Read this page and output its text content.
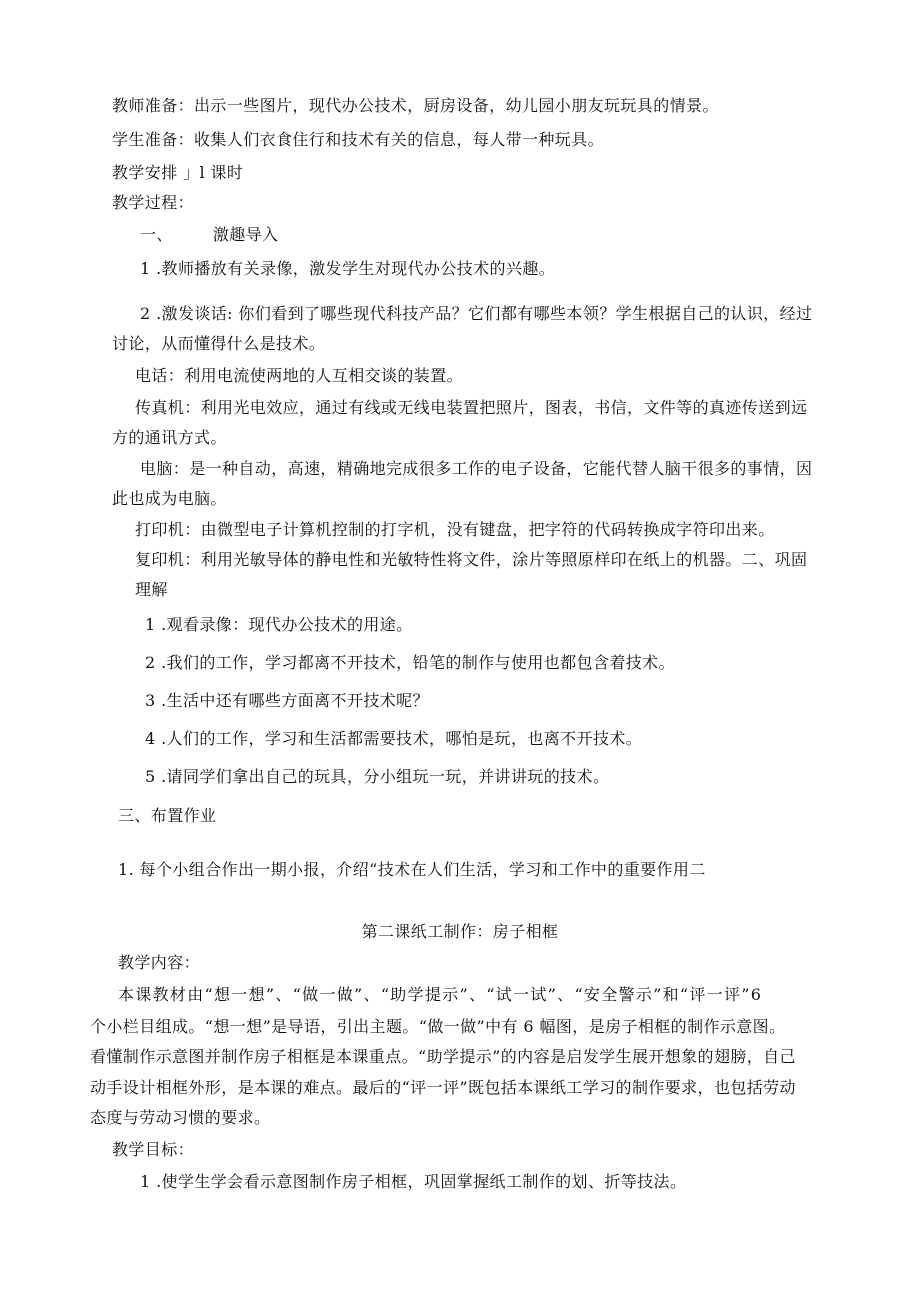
教师准备：出示一些图片，现代办公技术，厨房设备，幼儿园小朋友玩玩具的情景。
学生准备：收集人们衣食住行和技术有关的信息，每人带一种玩具。
教学安排 」l 课时
教学过程：
一、	激趣导入
1 .教师播放有关录像，激发学生对现代办公技术的兴趣。
2 .激发谈话: 你们看到了哪些现代科技产品？它们都有哪些本领？学生根据自己的认识，经过
讨论，从而懂得什么是技术。
电话：利用电流使两地的人互相交谈的装置。
传真机：利用光电效应，通过有线或无线电装置把照片，图表，书信，文件等的真迹传送到远
方的通讯方式。
电脑：是一种自动，高速，精确地完成很多工作的电子设备，它能代替人脑干很多的事情，因
此也成为电脑。
打印机：由微型电子计算机控制的打字机，没有键盘，把字符的代码转换成字符印出来。
复印机：利用光敏导体的静电性和光敏特性将文件，涂片等照原样印在纸上的机器。二、巩固
理解
1 .观看录像：现代办公技术的用途。
2 .我们的工作，学习都离不开技术，铅笔的制作与使用也都包含着技术。
3 .生活中还有哪些方面离不开技术呢？
4 .人们的工作，学习和生活都需要技术，哪怕是玩，也离不开技术。
5 .请同学们拿出自己的玩具，分小组玩一玩，并讲讲玩的技术。
三、布置作业
1. 每个小组合作出一期小报，介绍“技术在人们生活，学习和工作中的重要作用二
第二课纸工制作：房子相框
教学内容：
本课教材由“想一想”、“做一做”、“助学提示”、“试一试”、“安全警示”和“评一评”6
个小栏目组成。“想一想”是导语，引出主题。“做一做”中有 6 幅图，是房子相框的制作示意图。
看懂制作示意图并制作房子相框是本课重点。“助学提示”的内容是启发学生展开想象的翅膀，自己
动手设计相框外形，是本课的难点。最后的“评一评”既包括本课纸工学习的制作要求，也包括劳动
态度与劳动习惯的要求。
教学目标：
1 .使学生学会看示意图制作房子相框，巩固掌握纸工制作的划、折等技法。
